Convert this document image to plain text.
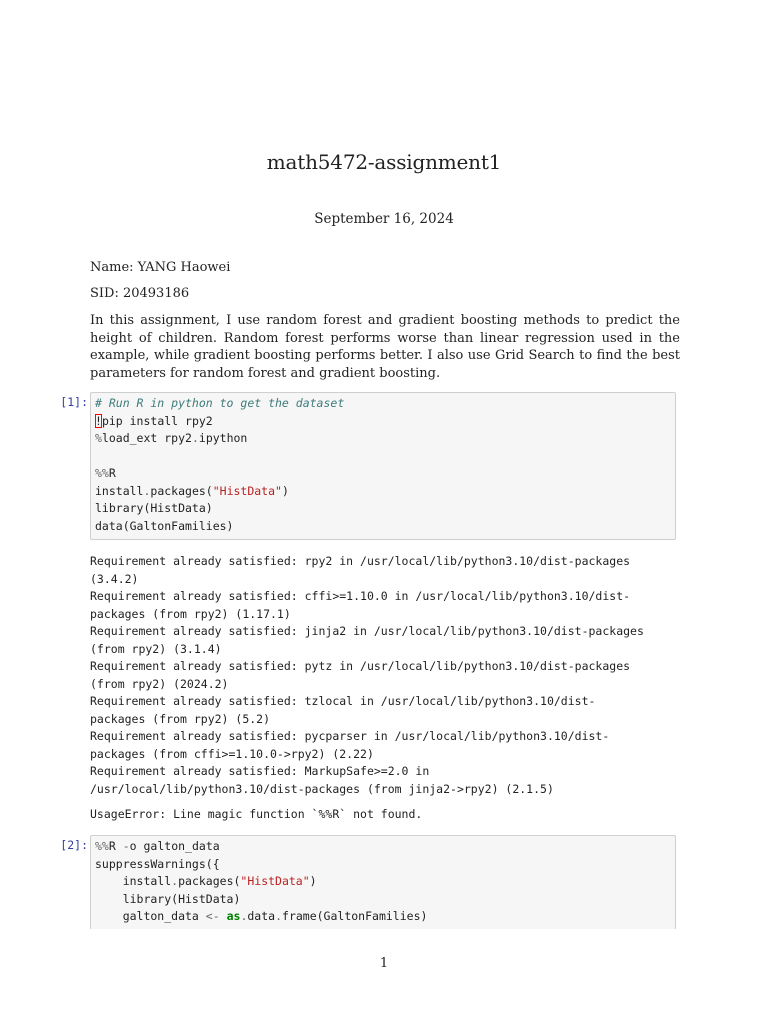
math5472-assignment1
September 16, 2024

Name: YANG Haowei

SID: 20493186

In this assignment, I use random forest and gradient boosting methods to predict the height of children. Random forest performs worse than linear regression used in the example, while gradient boosting performs better. I also use Grid Search to find the best parameters for random forest and gradient boosting.

[1]: # Run R in python to get the dataset
!pip install rpy2
%load_ext rpy2.ipython
%%R
install.packages("HistData")
library(HistData)
data(GaltonFamilies)
Requirement already satisfied: rpy2 in /usr/local/lib/python3.10/dist-packages
(3.4.2)
Requirement already satisfied: cffi>=1.10.0 in /usr/local/lib/python3.10/dist-
packages (from rpy2) (1.17.1)
Requirement already satisfied: jinja2 in /usr/local/lib/python3.10/dist-packages
(from rpy2) (3.1.4)
Requirement already satisfied: pytz in /usr/local/lib/python3.10/dist-packages
(from rpy2) (2024.2)
Requirement already satisfied: tzlocal in /usr/local/lib/python3.10/dist-
packages (from rpy2) (5.2)
Requirement already satisfied: pycparser in /usr/local/lib/python3.10/dist-
packages (from cffi>=1.10.0->rpy2) (2.22)
Requirement already satisfied: MarkupSafe>=2.0 in
/usr/local/lib/python3.10/dist-packages (from jinja2->rpy2) (2.1.5)
UsageError: Line magic function `%%R` not found.
[2]: %%R -o galton_data
suppressWarnings({
install.packages("HistData")
library(HistData)
galton_data <- as.data.frame(GaltonFamilies)
1
